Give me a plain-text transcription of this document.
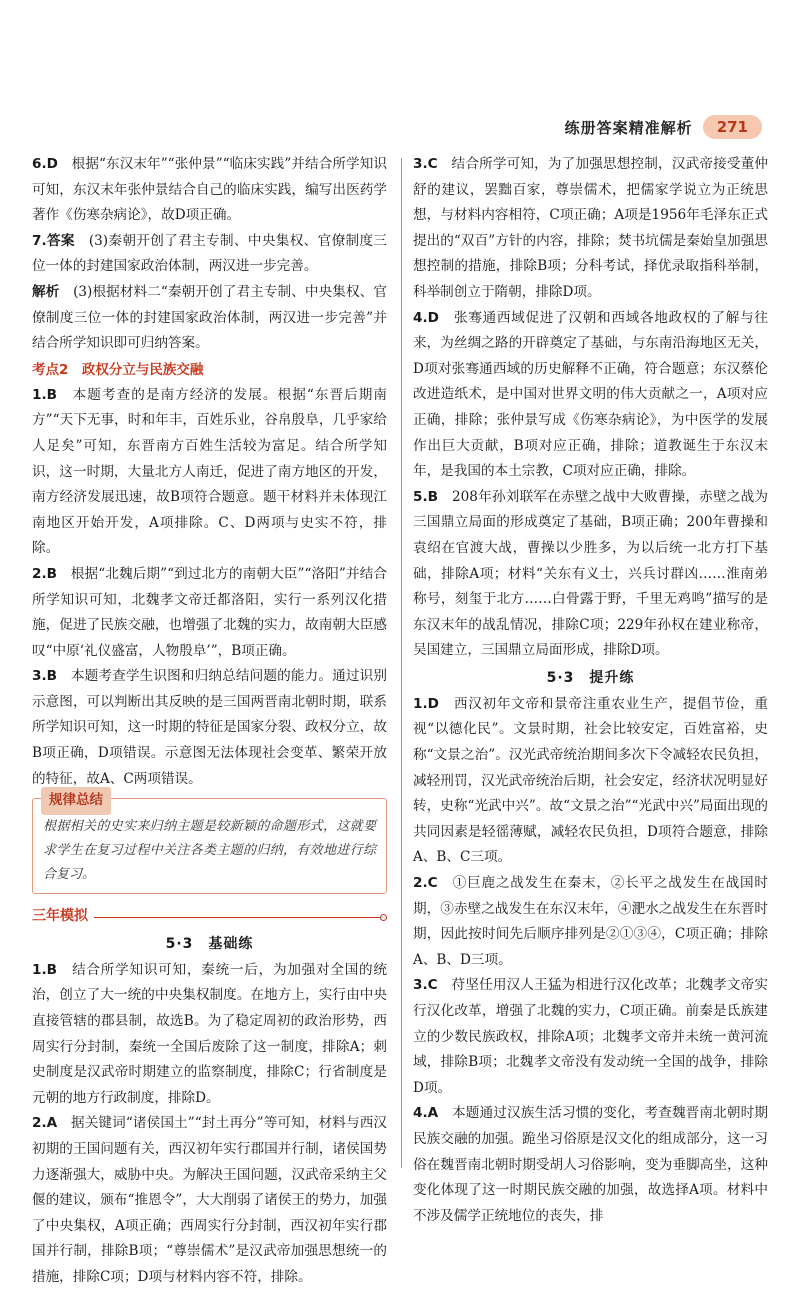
练册答案精准解析	271
6.D　根据“东汉末年”“张仲景”“临床实践”并结合所学知识可知，东汉末年张仲景结合自己的临床实践，编写出医药学著作《伤寒杂病论》，故D项正确。
7.答案　(3)秦朝开创了君主专制、中央集权、官僚制度三位一体的封建国家政治体制，两汉进一步完善。
解析　(3)根据材料二“秦朝开创了君主专制、中央集权、官僚制度三位一体的封建国家政治体制，两汉进一步完善”并结合所学知识即可归纳答案。
考点2　政权分立与民族交融
1.B　本题考查的是南方经济的发展。根据“东晋后期南方”“天下无事，时和年丰，百姓乐业，谷帛殷阜，几乎家给人足矣”可知，东晋南方百姓生活较为富足。结合所学知识，这一时期，大量北方人南迁，促进了南方地区的开发，南方经济发展迅速，故B项符合题意。题干材料并未体现江南地区开始开发，A项排除。C、D两项与史实不符，排除。
2.B　根据“北魏后期”“到过北方的南朝大臣”“洛阳”并结合所学知识可知，北魏孝文帝迁都洛阳，实行一系列汉化措施，促进了民族交融，也增强了北魏的实力，故南朝大臣感叹“中原‘礼仪盛富，人物殷阜’”，B项正确。
3.B　本题考查学生识图和归纳总结问题的能力。通过识别示意图，可以判断出其反映的是三国两晋南北朝时期，联系所学知识可知，这一时期的特征是国家分裂、政权分立，故B项正确，D项错误。示意图无法体现社会变革、繁荣开放的特征，故A、C两项错误。
规律总结
根据相关的史实来归纳主题是较新颖的命题形式，这就要求学生在复习过程中关注各类主题的归纳，有效地进行综合复习。
三年模拟
5·3　基础练
1.B　结合所学知识可知，秦统一后，为加强对全国的统治，创立了大一统的中央集权制度。在地方上，实行由中央直接管辖的郡县制，故选B。为了稳定周初的政治形势，西周实行分封制，秦统一全国后废除了这一制度，排除A；刺史制度是汉武帝时期建立的监察制度，排除C；行省制度是元朝的地方行政制度，排除D。
2.A　据关键词“诸侯国土”“封土再分”等可知，材料与西汉初期的王国问题有关，西汉初年实行郡国并行制，诸侯国势力逐渐强大，威胁中央。为解决王国问题，汉武帝采纳主父偃的建议，颁布“推恩令”，大大削弱了诸侯王的势力，加强了中央集权，A项正确；西周实行分封制，西汉初年实行郡国并行制，排除B项；“尊崇儒术”是汉武帝加强思想统一的措施，排除C项；D项与材料内容不符，排除。
3.C　结合所学可知，为了加强思想控制，汉武帝接受董仲舒的建议，罢黜百家，尊崇儒术，把儒家学说立为正统思想，与材料内容相符，C项正确；A项是1956年毛泽东正式提出的“双百”方针的内容，排除；焚书坑儒是秦始皇加强思想控制的措施，排除B项；分科考试，择优录取指科举制，科举制创立于隋朝，排除D项。
4.D　张骞通西域促进了汉朝和西域各地政权的了解与往来，为丝绸之路的开辟奠定了基础，与东南沿海地区无关，D项对张骞通西域的历史解释不正确，符合题意；东汉蔡伦改进造纸术，是中国对世界文明的伟大贡献之一，A项对应正确，排除；张仲景写成《伤寒杂病论》，为中医学的发展作出巨大贡献，B项对应正确，排除；道教诞生于东汉末年，是我国的本土宗教，C项对应正确，排除。
5.B　208年孙刘联军在赤壁之战中大败曹操，赤壁之战为三国鼎立局面的形成奠定了基础，B项正确；200年曹操和袁绍在官渡大战，曹操以少胜多，为以后统一北方打下基础，排除A项；材料“关东有义士，兴兵讨群凶……淮南弟称号，刻玺于北方……白骨露于野，千里无鸡鸣”描写的是东汉末年的战乱情况，排除C项；229年孙权在建业称帝，吴国建立，三国鼎立局面形成，排除D项。
5·3　提升练
1.D　西汉初年文帝和景帝注重农业生产，提倡节俭，重视“以德化民”。文景时期，社会比较安定，百姓富裕，史称“文景之治”。汉光武帝统治期间多次下令减轻农民负担，减轻刑罚，汉光武帝统治后期，社会安定，经济状况明显好转，史称“光武中兴”。故“文景之治”“光武中兴”局面出现的共同因素是轻徭薄赋，减轻农民负担，D项符合题意，排除A、B、C三项。
2.C　①巨鹿之战发生在秦末，②长平之战发生在战国时期，③赤壁之战发生在东汉末年，④淝水之战发生在东晋时期，因此按时间先后顺序排列是②①③④，C项正确；排除A、B、D三项。
3.C　苻坚任用汉人王猛为相进行汉化改革；北魏孝文帝实行汉化改革，增强了北魏的实力，C项正确。前秦是氐族建立的少数民族政权，排除A项；北魏孝文帝并未统一黄河流域，排除B项；北魏孝文帝没有发动统一全国的战争，排除D项。
4.A　本题通过汉族生活习惯的变化，考查魏晋南北朝时期民族交融的加强。跪坐习俗原是汉文化的组成部分，这一习俗在魏晋南北朝时期受胡人习俗影响，变为垂脚高坐，这种变化体现了这一时期民族交融的加强，故选择A项。材料中不涉及儒学正统地位的丧失，排
